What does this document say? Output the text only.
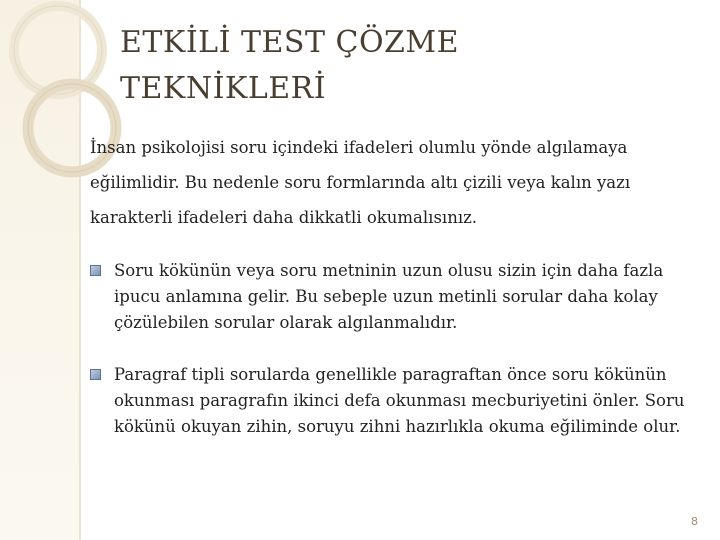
ETKİLİ TEST ÇÖZME
TEKNİKLERİ
İnsan psikolojisi soru içindeki ifadeleri olumlu yönde algılamaya eğilimlidir. Bu nedenle soru formlarında altı çizili veya kalın yazı karakterli ifadeleri daha dikkatli okumalısınız.
Soru kökünün veya soru metninin uzun olusu sizin için daha fazla ipucu anlamına gelir. Bu sebeple uzun metinli sorular daha kolay çözülebilen sorular olarak algılanmalıdır.
Paragraf tipli sorularda genellikle paragraftan önce soru kökünün okunması paragrafın ikinci defa okunması mecburiyetini önler. Soru kökünü okuyan zihin, soruyu zihni hazırlıkla okuma eğiliminde olur.
8
